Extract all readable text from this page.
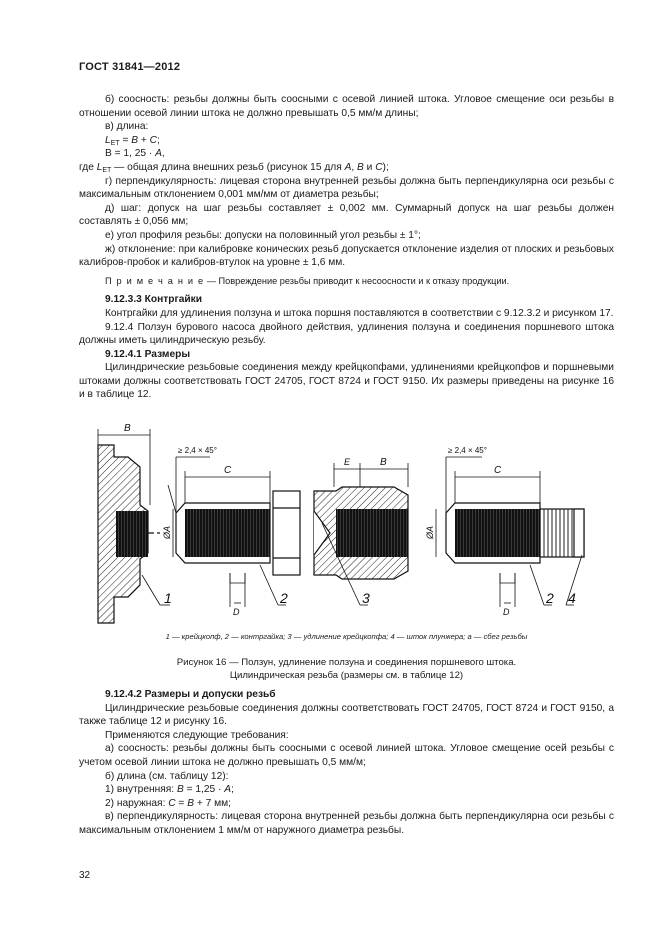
ГОСТ 31841—2012

б) соосность: резьбы должны быть соосными с осевой линией штока. Угловое смещение оси резьбы в отношении осевой линии штока не должно превышать 0,5 мм/м длины;

в) длина:

$L_{ET} = B + C$;

B = 1, 25 · A,

где $L_{ET}$ — общая длина внешних резьб (рисунок 15 для A, B и C);

г) перпендикулярность: лицевая сторона внутренней резьбы должна быть перпендикулярна оси резьбы с максимальным отклонением 0,001 мм/мм от диаметра резьбы;

д) шаг: допуск на шаг резьбы составляет ± 0,002 мм. Суммарный допуск на шаг резьбы должен составлять ± 0,056 мм;

е) угол профиля резьбы: допуски на половинный угол резьбы ± 1°;

ж) отклонение: при калибровке конических резьб допускается отклонение изделия от плоских и резьбовых калибров-пробок и калибров-втулок на уровне ± 1,6 мм.

П р и м е ч а н и е — Повреждение резьбы приводит к несоосности и к отказу продукции.

9.12.3.3 Контргайки

Контргайки для удлинения ползуна и штока поршня поставляются в соответствии с 9.12.3.2 и рисунком 17.

9.12.4 Ползун бурового насоса двойного действия, удлинения ползуна и соединения поршневого штока должны иметь цилиндрическую резьбу.

9.12.4.1 Размеры

Цилиндрические резьбовые соединения между крейцкопфами, удлинениями крейцкопфов и поршневыми штоками должны соответствовать ГОСТ 24705, ГОСТ 8724 и ГОСТ 9150. Их размеры приведены на рисунке 16 и в таблице 12.

B
≥ 2,4 × 45°
C
ØA
D
1	2	3
E	B
≥ 2,4 × 45°
C
ØA
D
2 4
1 — крейцкопф, 2 — контргайка; 3 — удлинение крейцкопфа; 4 — шток плунжера; a — сбег резьбы
Рисунок 16 — Ползун, удлинение ползуна и соединения поршневого штока.
Цилиндрическая резьба (размеры см. в таблице 12)

9.12.4.2 Размеры и допуски резьб

Цилиндрические резьбовые соединения должны соответствовать ГОСТ 24705, ГОСТ 8724 и ГОСТ 9150, а также таблице 12 и рисунку 16.

Применяются следующие требования:

а) соосность: резьбы должны быть соосными с осевой линией штока. Угловое смещение осей резьбы с учетом осевой линии штока не должно превышать 0,5 мм/м;

б) длина (см. таблицу 12):

1) внутренняя: B = 1,25 · A;

2) наружная: C = B + 7 мм;

в) перпендикулярность: лицевая сторона внутренней резьбы должна быть перпендикулярна оси резьбы с максимальным отклонением 1 мм/м от наружного диаметра резьбы.

32
